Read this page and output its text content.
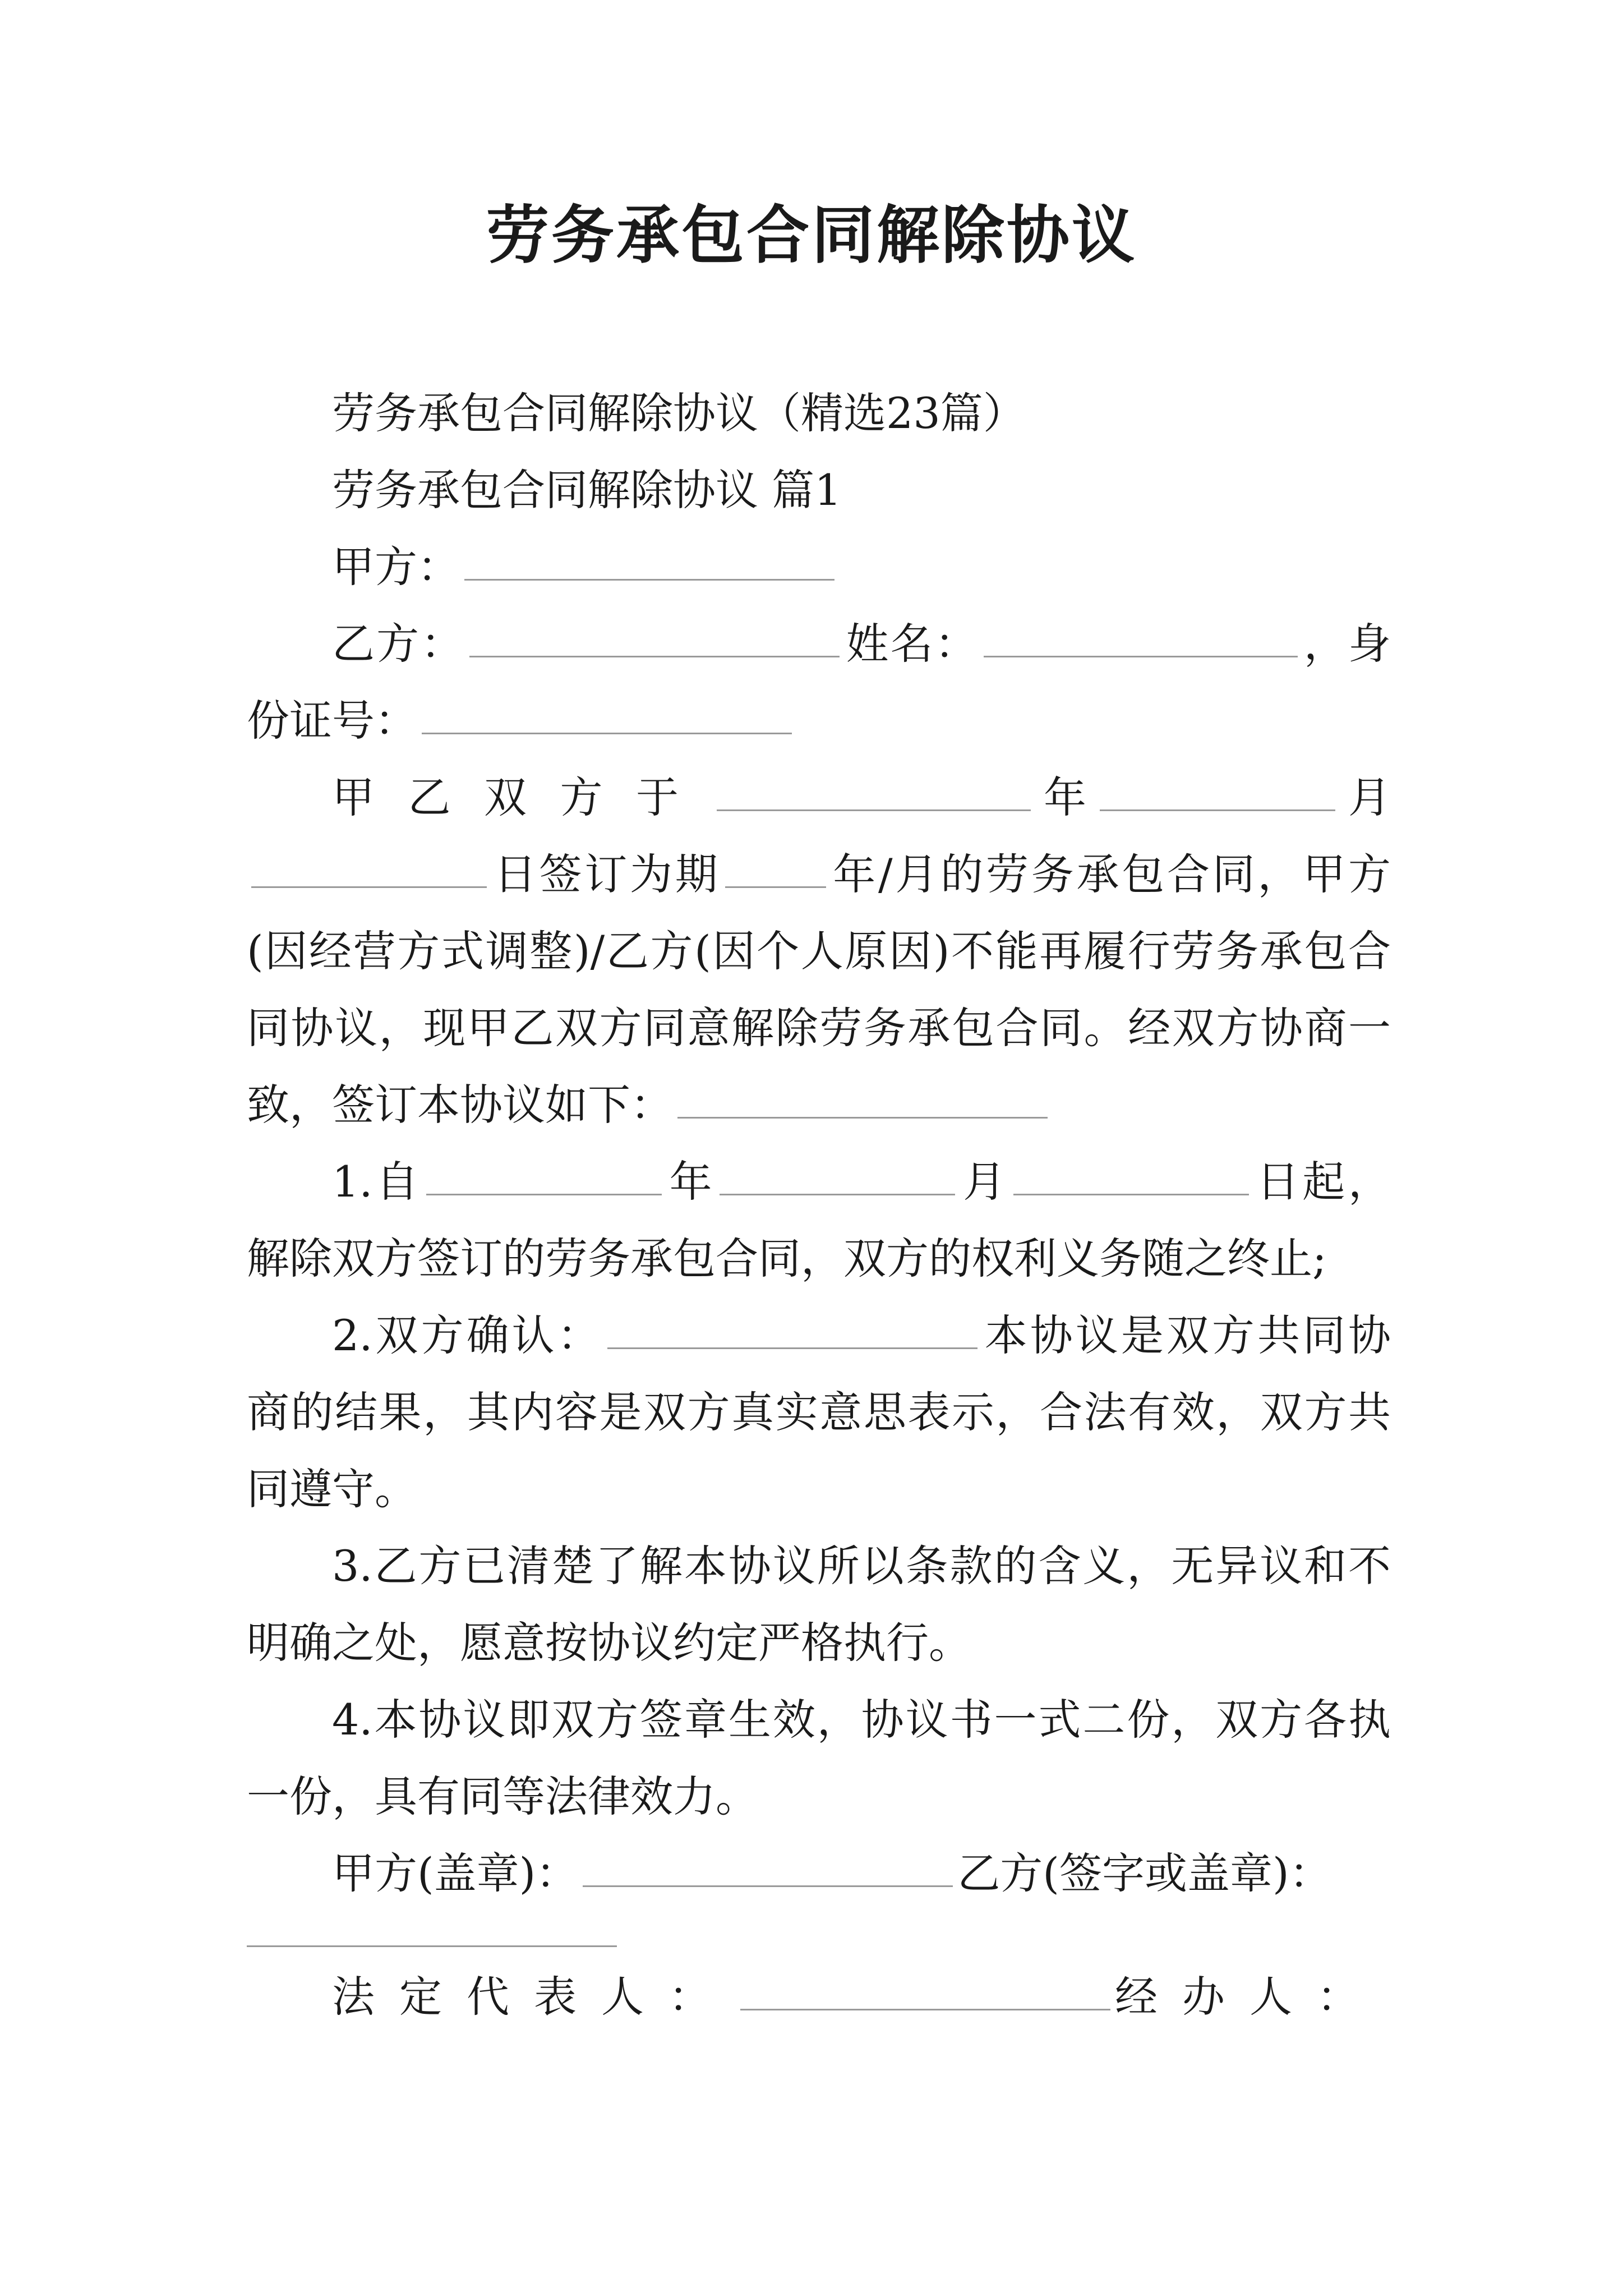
劳务承包合同解除协议

劳务承包合同解除协议（精选23篇）

劳务承包合同解除协议 篇1

甲方：

乙方：	姓名：	，身份证号：

甲乙双方于	年	月日签订为期	年/月的劳务承包合同，甲方(因经营方式调整)/乙方(因个人原因)不能再履行劳务承包合同协议，现甲乙双方同意解除劳务承包合同。经双方协商一致，签订本协议如下：

1.自	年	月	日起，解除双方签订的劳务承包合同，双方的权利义务随之终止;

2.双方确认：	本协议是双方共同协商的结果，其内容是双方真实意思表示，合法有效，双方共同遵守。

3.乙方已清楚了解本协议所以条款的含义，无异议和不明确之处，愿意按协议约定严格执行。

4.本协议即双方签章生效，协议书一式二份，双方各执一份，具有同等法律效力。

甲方(盖章)：	乙方(签字或盖章)：

法定代表人：	经办人：
